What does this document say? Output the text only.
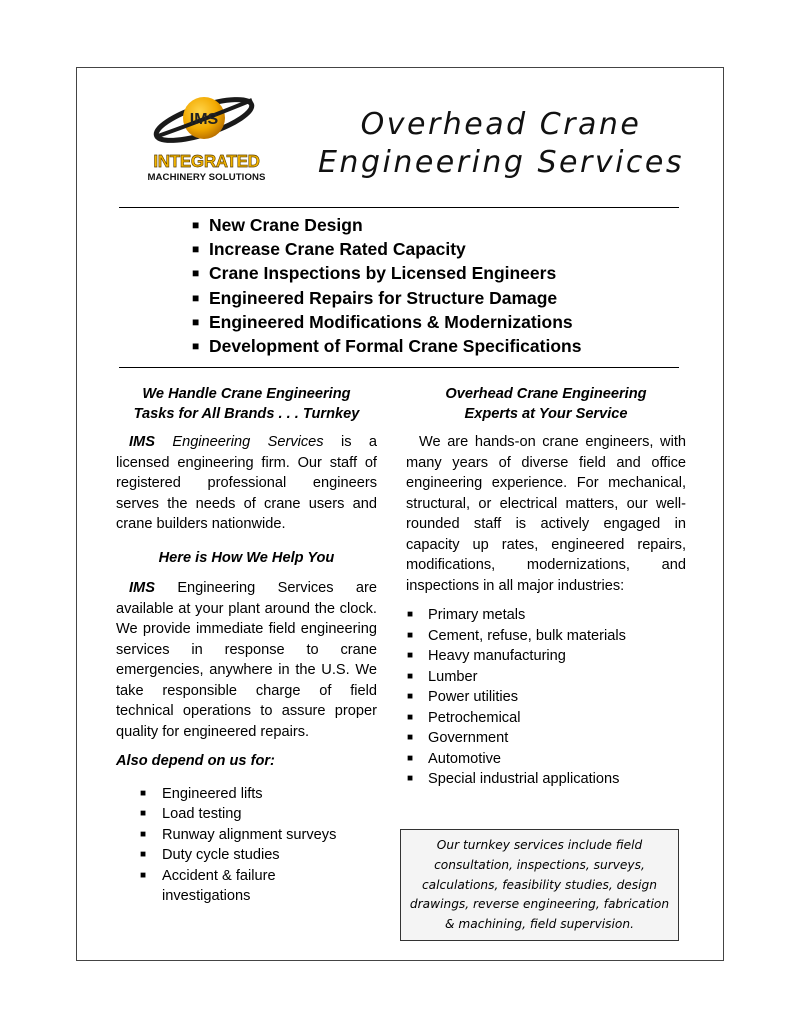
IMS
INTEGRATED
MACHINERY SOLUTIONS
Overhead Crane
Engineering Services
■ New Crane Design
■ Increase Crane Rated Capacity
■ Crane Inspections by Licensed Engineers
■ Engineered Repairs for Structure Damage
■ Engineered Modifications & Modernizations
■ Development of Formal Crane Specifications
We Handle Crane Engineering
Tasks for All Brands . . . Turnkey

IMS Engineering Services is a licensed engineering firm. Our staff of registered professional engineers serves the needs of crane users and crane builders nationwide.

Here is How We Help You

IMS Engineering Services are available at your plant around the clock. We provide immediate field engineering services in response to crane emergencies, anywhere in the U.S. We take responsible charge of field technical operations to assure proper quality for engineered repairs.

Also depend on us for:
■ Engineered lifts
■ Load testing
■ Runway alignment surveys
■ Duty cycle studies
■ Accident & failure investigations
Overhead Crane Engineering
Experts at Your Service

We are hands-on crane engineers, with many years of diverse field and office engineering experience. For mechanical, structural, or electrical matters, our well-rounded staff is actively engaged in capacity up rates, engineered repairs, modifications, modernizations, and inspections in all major industries:

■ Primary metals
■ Cement, refuse, bulk materials
■ Heavy manufacturing
■ Lumber
■ Power utilities
■ Petrochemical
■ Government
■ Automotive
■ Special industrial applications
Our turnkey services include field consultation, inspections, surveys, calculations, feasibility studies, design drawings, reverse engineering, fabrication & machining, field supervision.
